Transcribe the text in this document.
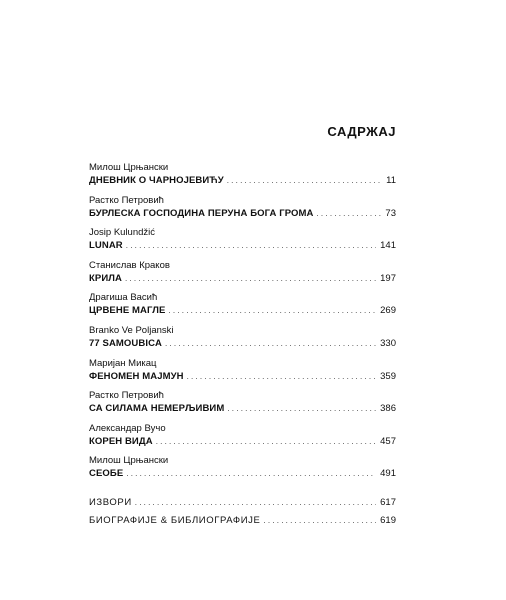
САДРЖАЈ
Милош Црњански
ДНЕВНИК О ЧАРНОЈЕВИЋУ . . .	11
Растко Петровић
БУРЛЕСКА ГОСПОДИНА ПЕРУНА БОГА ГРОМА . . .	73
Josip Kulundžić
LUNAR . . .	141
Станислав Краков
КРИЛА . . .	197
Драгиша Васић
ЦРВЕНЕ МАГЛЕ . . .	269
Branko Ve Poljanski
77 SAMOUBICA . . .	330
Маријан Микац
ФЕНОМЕН МАЈМУН . . .	359
Растко Петровић
СА СИЛАМА НЕМЕРЉИВИМ . . .	386
Александар Вучо
КОРЕН ВИДА . . .	457
Милош Црњански
СЕОБЕ . . .	491
ИЗВОРИ . . .	617
БИОГРАФИЈЕ & БИБЛИОГРАФИЈЕ . . .	619
